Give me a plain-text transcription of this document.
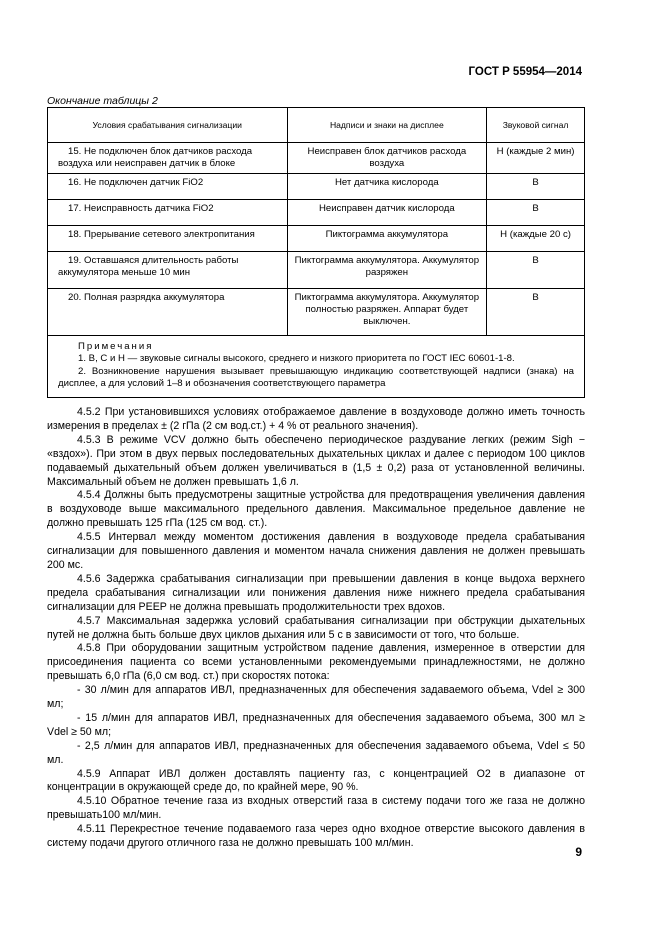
ГОСТ Р 55954—2014
Окончание таблицы 2
Условия срабатывания сигнализации	Надписи и знаки на дисплее	Звуковой сигнал
15. Не подключен блок датчиков расхода воздуха или неисправен датчик в блоке	Неисправен блок датчиков расхода воздуха	Н (каждые 2 мин)
16. Не подключен датчик FiO2	Нет датчика кислорода	В
17. Неисправность датчика FiO2	Неисправен датчик кислорода	В
18. Прерывание сетевого электропитания	Пиктограмма аккумулятора	Н (каждые 20 с)
19. Оставшаяся длительность работы аккумулятора меньше 10 мин	Пиктограмма аккумулятора. Аккумулятор разряжен	В
20. Полная разрядка аккумулятора	Пиктограмма аккумулятора. Аккумулятор полностью разряжен. Аппарат будет выключен.	В

Примечания
1. В, С и Н — звуковые сигналы высокого, среднего и низкого приоритета по ГОСТ IEC 60601-1-8.
2. Возникновение нарушения вызывает превышающую индикацию соответствующей надписи (знака) на дисплее, а для условий 1–8 и обозначения соответствующего параметра		

4.5.2 При установившихся условиях отображаемое давление в воздуховоде должно иметь точность измерения в пределах ± (2 гПа (2 см вод.ст.) + 4 % от реального значения).

4.5.3 В режиме VCV должно быть обеспечено периодическое раздувание легких (режим Sigh − «вздох»). При этом в двух первых последовательных дыхательных циклах и далее с периодом 100 циклов подаваемый дыхательный объем должен увеличиваться в (1,5 ± 0,2) раза от установленной величины. Максимальный объем не должен превышать 1,6 л.

4.5.4 Должны быть предусмотрены защитные устройства для предотвращения увеличения давления в воздуховоде выше максимального предельного давления. Максимальное предельное давление не должно превышать 125 гПа (125 см вод. ст.).

4.5.5 Интервал между моментом достижения давления в воздуховоде предела срабатывания сигнализации для повышенного давления и моментом начала снижения давления не должен превышать 200 мс.

4.5.6 Задержка срабатывания сигнализации при превышении давления в конце выдоха верхнего предела срабатывания сигнализации или понижения давления ниже нижнего предела срабатывания сигнализации для PEEP не должна превышать продолжительности трех вдохов.

4.5.7 Максимальная задержка условий срабатывания сигнализации при обструкции дыхательных путей не должна быть больше двух циклов дыхания или 5 с в зависимости от того, что больше.

4.5.8 При оборудовании защитным устройством падение давления, измеренное в отверстии для присоединения пациента со всеми установленными рекомендуемыми принадлежностями, не должно превышать 6,0 гПа (6,0 см вод. ст.) при скоростях потока:

- 30 л/мин для аппаратов ИВЛ, предназначенных для обеспечения задаваемого объема, Vdel ≥ 300 мл;

- 15 л/мин для аппаратов ИВЛ, предназначенных для обеспечения задаваемого объема, 300 мл ≥ Vdel ≥ 50 мл;

- 2,5 л/мин для аппаратов ИВЛ, предназначенных для обеспечения задаваемого объема, Vdel ≤ 50 мл.

4.5.9 Аппарат ИВЛ должен доставлять пациенту газ, с концентрацией О2 в диапазоне от концентрации в окружающей среде до, по крайней мере, 90 %.

4.5.10 Обратное течение газа из входных отверстий газа в систему подачи того же газа не должно превышать100 мл/мин.

4.5.11 Перекрестное течение подаваемого газа через одно входное отверстие высокого давления в систему подачи другого отличного газа не должно превышать 100 мл/мин.

9
